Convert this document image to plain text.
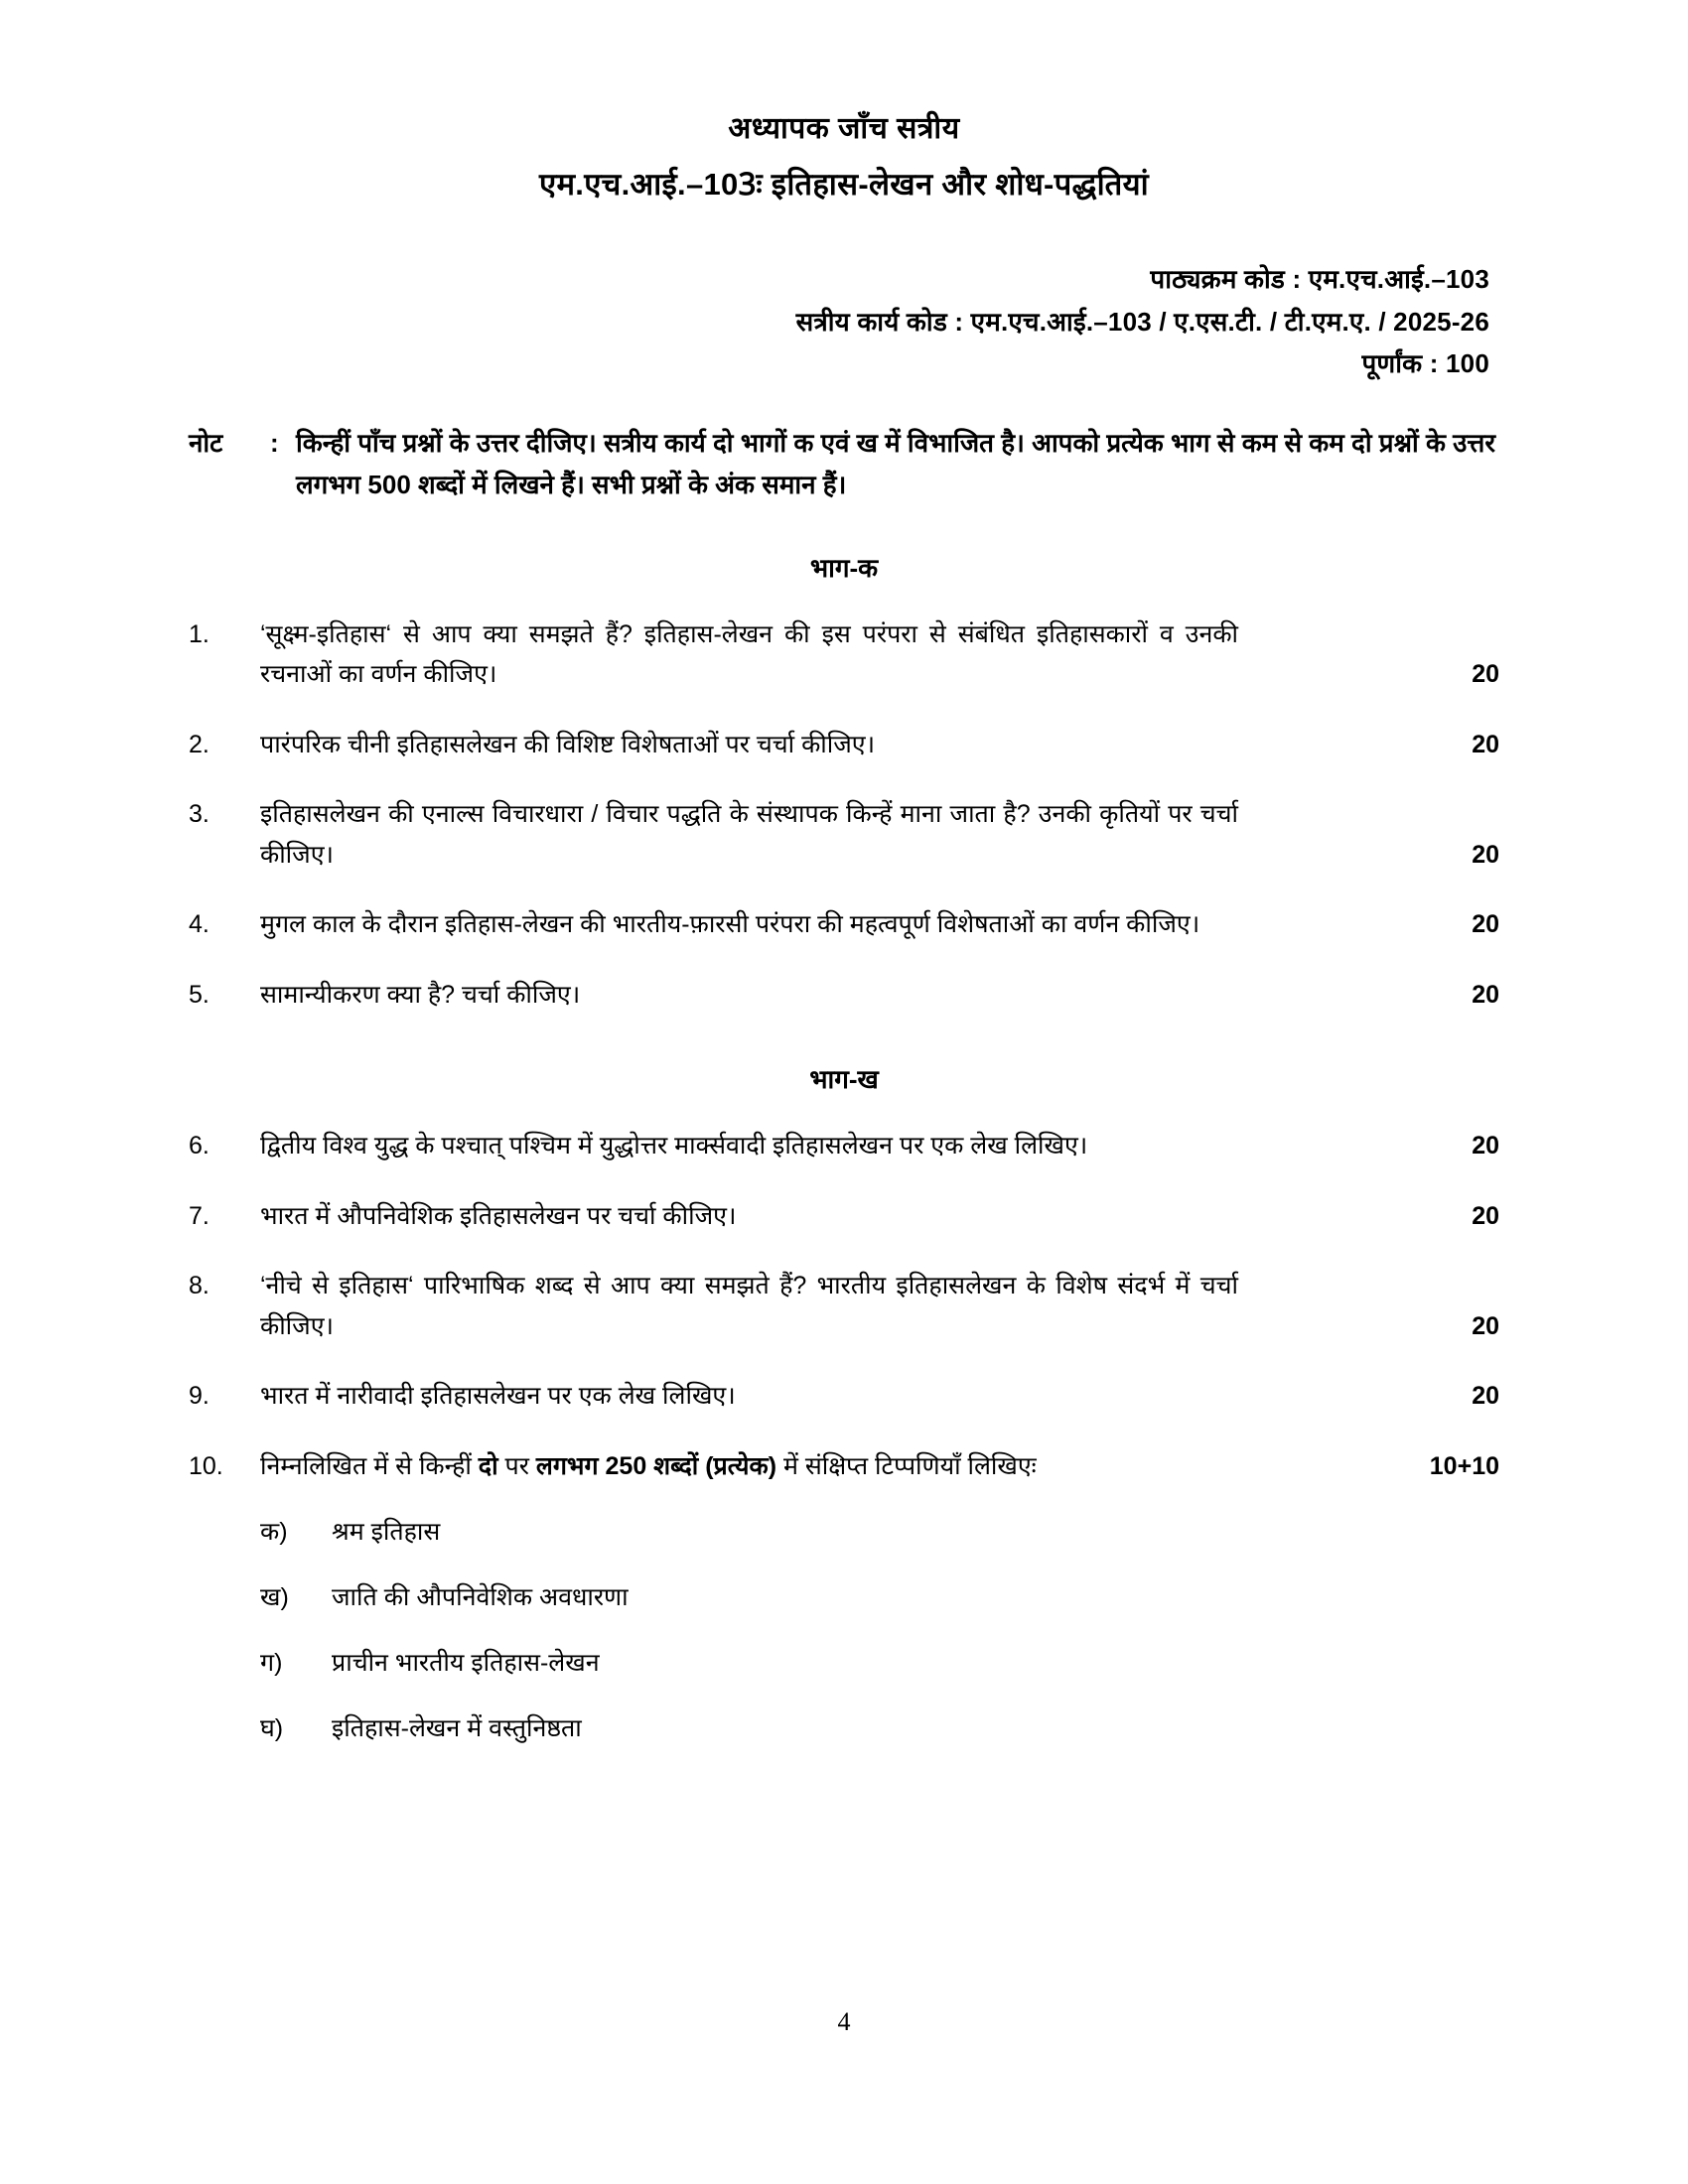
अध्यापक जाँच सत्रीय
एम.एच.आई.–103ः इतिहास-लेखन और शोध-पद्धतियां
पाठ्यक्रम कोड : एम.एच.आई.–103
सत्रीय कार्य कोड : एम.एच.आई.–103 / ए.एस.टी. / टी.एम.ए. / 2025-26
पूर्णांक : 100
नोट	: किन्हीं पाँच प्रश्नों के उत्तर दीजिए। सत्रीय कार्य दो भागों क एवं ख में विभाजित है। आपको प्रत्येक भाग से कम से कम दो प्रश्नों के उत्तर लगभग 500 शब्दों में लिखने हैं। सभी प्रश्नों के अंक समान हैं।
भाग-क
1.	‘सूक्ष्म-इतिहास‘ से आप क्या समझते हैं? इतिहास-लेखन की इस परंपरा से संबंधित इतिहासकारों व उनकी रचनाओं का वर्णन कीजिए।	20
2.	पारंपरिक चीनी इतिहासलेखन की विशिष्ट विशेषताओं पर चर्चा कीजिए।	20
3.	इतिहासलेखन की एनाल्स विचारधारा / विचार पद्धति के संस्थापक किन्हें माना जाता है? उनकी कृतियों पर चर्चा कीजिए।	20
4.	मुगल काल के दौरान इतिहास-लेखन की भारतीय-फ़ारसी परंपरा की महत्वपूर्ण विशेषताओं का वर्णन कीजिए।	20
5.	सामान्यीकरण क्या है? चर्चा कीजिए।	20
भाग-ख
6.	द्वितीय विश्व युद्ध के पश्चात् पश्चिम में युद्धोत्तर मार्क्सवादी इतिहासलेखन पर एक लेख लिखिए।	20
7.	भारत में औपनिवेशिक इतिहासलेखन पर चर्चा कीजिए।	20
8.	‘नीचे से इतिहास‘ पारिभाषिक शब्द से आप क्या समझते हैं? भारतीय इतिहासलेखन के विशेष संदर्भ में चर्चा कीजिए।	20
9.	भारत में नारीवादी इतिहासलेखन पर एक लेख लिखिए।	20
10.	निम्नलिखित में से किन्हीं दो पर लगभग 250 शब्दों (प्रत्येक) में संक्षिप्त टिप्पणियाँ लिखिएः	10+10
क)	श्रम इतिहास
ख)	जाति की औपनिवेशिक अवधारणा
ग)	प्राचीन भारतीय इतिहास-लेखन
घ)	इतिहास-लेखन में वस्तुनिष्ठता
4
